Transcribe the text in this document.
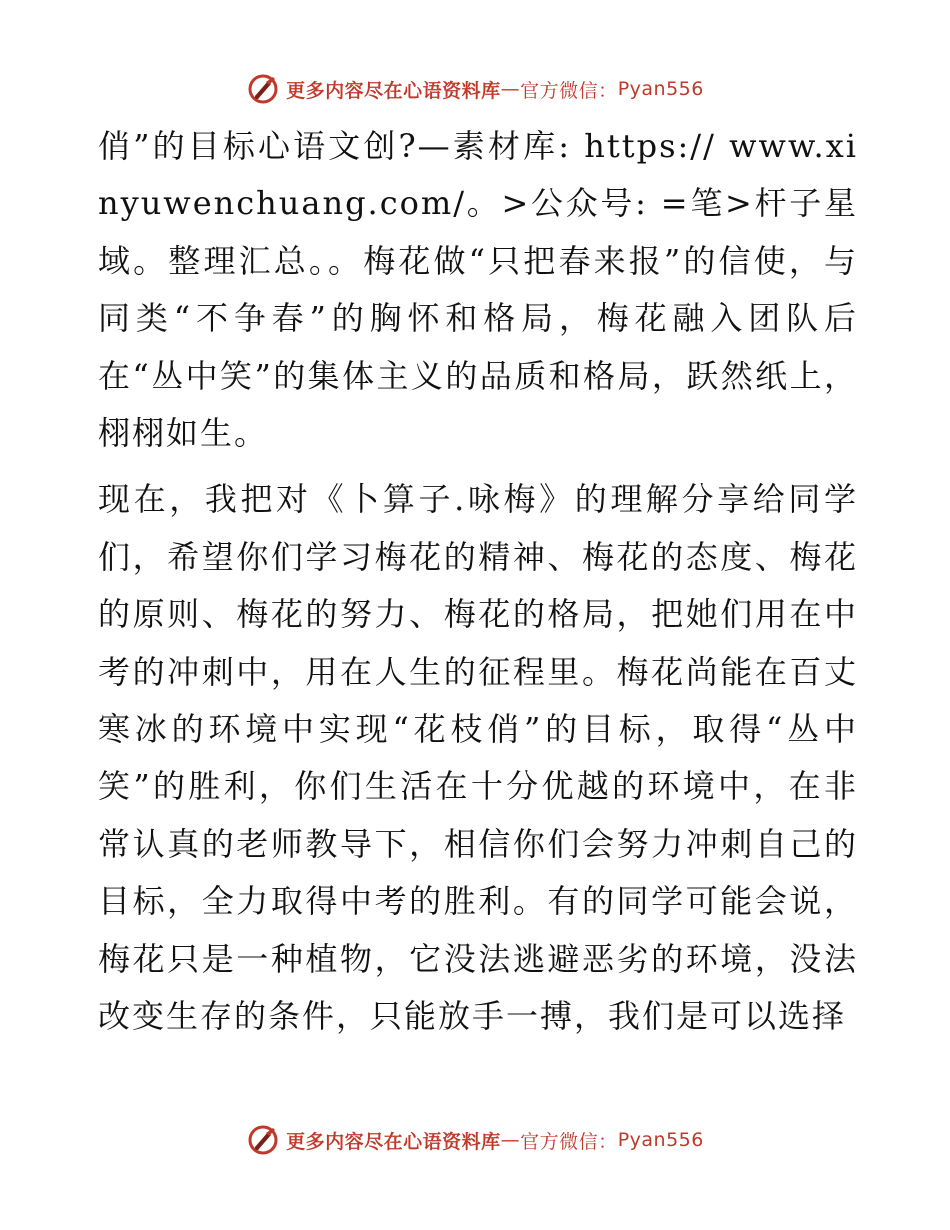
更多内容尽在心语资料库 — 官方微信： Pyan556

俏”的目标心语文创?—素材库: https:// www.xinyuwenchuang.com/。>公众号: =笔>杆子星域。整理汇总。。梅花做“只把春来报”的信使，与同类“不争春”的胸怀和格局，梅花融入团队后在“丛中笑”的集体主义的品质和格局，跃然纸上，栩栩如生。

现在，我把对《卜算子.咏梅》的理解分享给同学们，希望你们学习梅花的精神、梅花的态度、梅花的原则、梅花的努力、梅花的格局，把她们用在中考的冲刺中，用在人生的征程里。梅花尚能在百丈寒冰的环境中实现“花枝俏”的目标，取得“丛中笑”的胜利，你们生活在十分优越的环境中，在非常认真的老师教导下，相信你们会努力冲刺自己的目标，全力取得中考的胜利。有的同学可能会说，梅花只是一种植物，它没法逃避恶劣的环境，没法改变生存的条件，只能放手一搏，我们是可以选择

更多内容尽在心语资料库 — 官方微信： Pyan556
